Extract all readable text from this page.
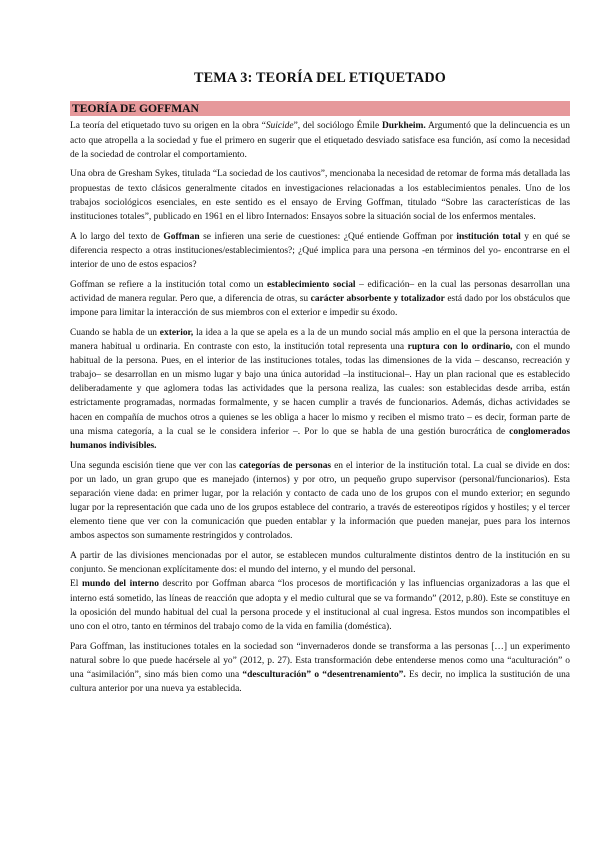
TEMA 3: TEORÍA DEL ETIQUETADO
TEORÍA DE GOFFMAN

La teoría del etiquetado tuvo su origen en la obra “Suicide”, del sociólogo Émile Durkheim. Argumentó que la delincuencia es un acto que atropella a la sociedad y fue el primero en sugerir que el etiquetado desviado satisface esa función, así como la necesidad de la sociedad de controlar el comportamiento.

Una obra de Gresham Sykes, titulada “La sociedad de los cautivos”, mencionaba la necesidad de retomar de forma más detallada las propuestas de texto clásicos generalmente citados en investigaciones relacionadas a los establecimientos penales. Uno de los trabajos sociológicos esenciales, en este sentido es el ensayo de Erving Goffman, titulado “Sobre las características de las instituciones totales”, publicado en 1961 en el libro Internados: Ensayos sobre la situación social de los enfermos mentales.

A lo largo del texto de Goffman se infieren una serie de cuestiones: ¿Qué entiende Goffman por institución total y en qué se diferencia respecto a otras instituciones/establecimientos?; ¿Qué implica para una persona -en términos del yo- encontrarse en el interior de uno de estos espacios?

Goffman se refiere a la institución total como un establecimiento social – edificación– en la cual las personas desarrollan una actividad de manera regular. Pero que, a diferencia de otras, su carácter absorbente y totalizador está dado por los obstáculos que impone para limitar la interacción de sus miembros con el exterior e impedir su éxodo.

Cuando se habla de un exterior, la idea a la que se apela es a la de un mundo social más amplio en el que la persona interactúa de manera habitual u ordinaria. En contraste con esto, la institución total representa una ruptura con lo ordinario, con el mundo habitual de la persona. Pues, en el interior de las instituciones totales, todas las dimensiones de la vida – descanso, recreación y trabajo– se desarrollan en un mismo lugar y bajo una única autoridad –la institucional–. Hay un plan racional que es establecido deliberadamente y que aglomera todas las actividades que la persona realiza, las cuales: son establecidas desde arriba, están estrictamente programadas, normadas formalmente, y se hacen cumplir a través de funcionarios. Además, dichas actividades se hacen en compañía de muchos otros a quienes se les obliga a hacer lo mismo y reciben el mismo trato – es decir, forman parte de una misma categoría, a la cual se le considera inferior –. Por lo que se habla de una gestión burocrática de conglomerados humanos indivisibles.

Una segunda escisión tiene que ver con las categorías de personas en el interior de la institución total. La cual se divide en dos: por un lado, un gran grupo que es manejado (internos) y por otro, un pequeño grupo supervisor (personal/funcionarios). Esta separación viene dada: en primer lugar, por la relación y contacto de cada uno de los grupos con el mundo exterior; en segundo lugar por la representación que cada uno de los grupos establece del contrario, a través de estereotipos rígidos y hostiles; y el tercer elemento tiene que ver con la comunicación que pueden entablar y la información que pueden manejar, pues para los internos ambos aspectos son sumamente restringidos y controlados.

A partir de las divisiones mencionadas por el autor, se establecen mundos culturalmente distintos dentro de la institución en su conjunto. Se mencionan explícitamente dos: el mundo del interno, y el mundo del personal.

El mundo del interno descrito por Goffman abarca “los procesos de mortificación y las influencias organizadoras a las que el interno está sometido, las líneas de reacción que adopta y el medio cultural que se va formando” (2012, p.80). Este se constituye en la oposición del mundo habitual del cual la persona procede y el institucional al cual ingresa. Estos mundos son incompatibles el uno con el otro, tanto en términos del trabajo como de la vida en familia (doméstica).

Para Goffman, las instituciones totales en la sociedad son “invernaderos donde se transforma a las personas […] un experimento natural sobre lo que puede hacérsele al yo” (2012, p. 27). Esta transformación debe entenderse menos como una “aculturación” o una “asimilación”, sino más bien como una “desculturación” o “desentrenamiento”. Es decir, no implica la sustitución de una cultura anterior por una nueva ya establecida.
